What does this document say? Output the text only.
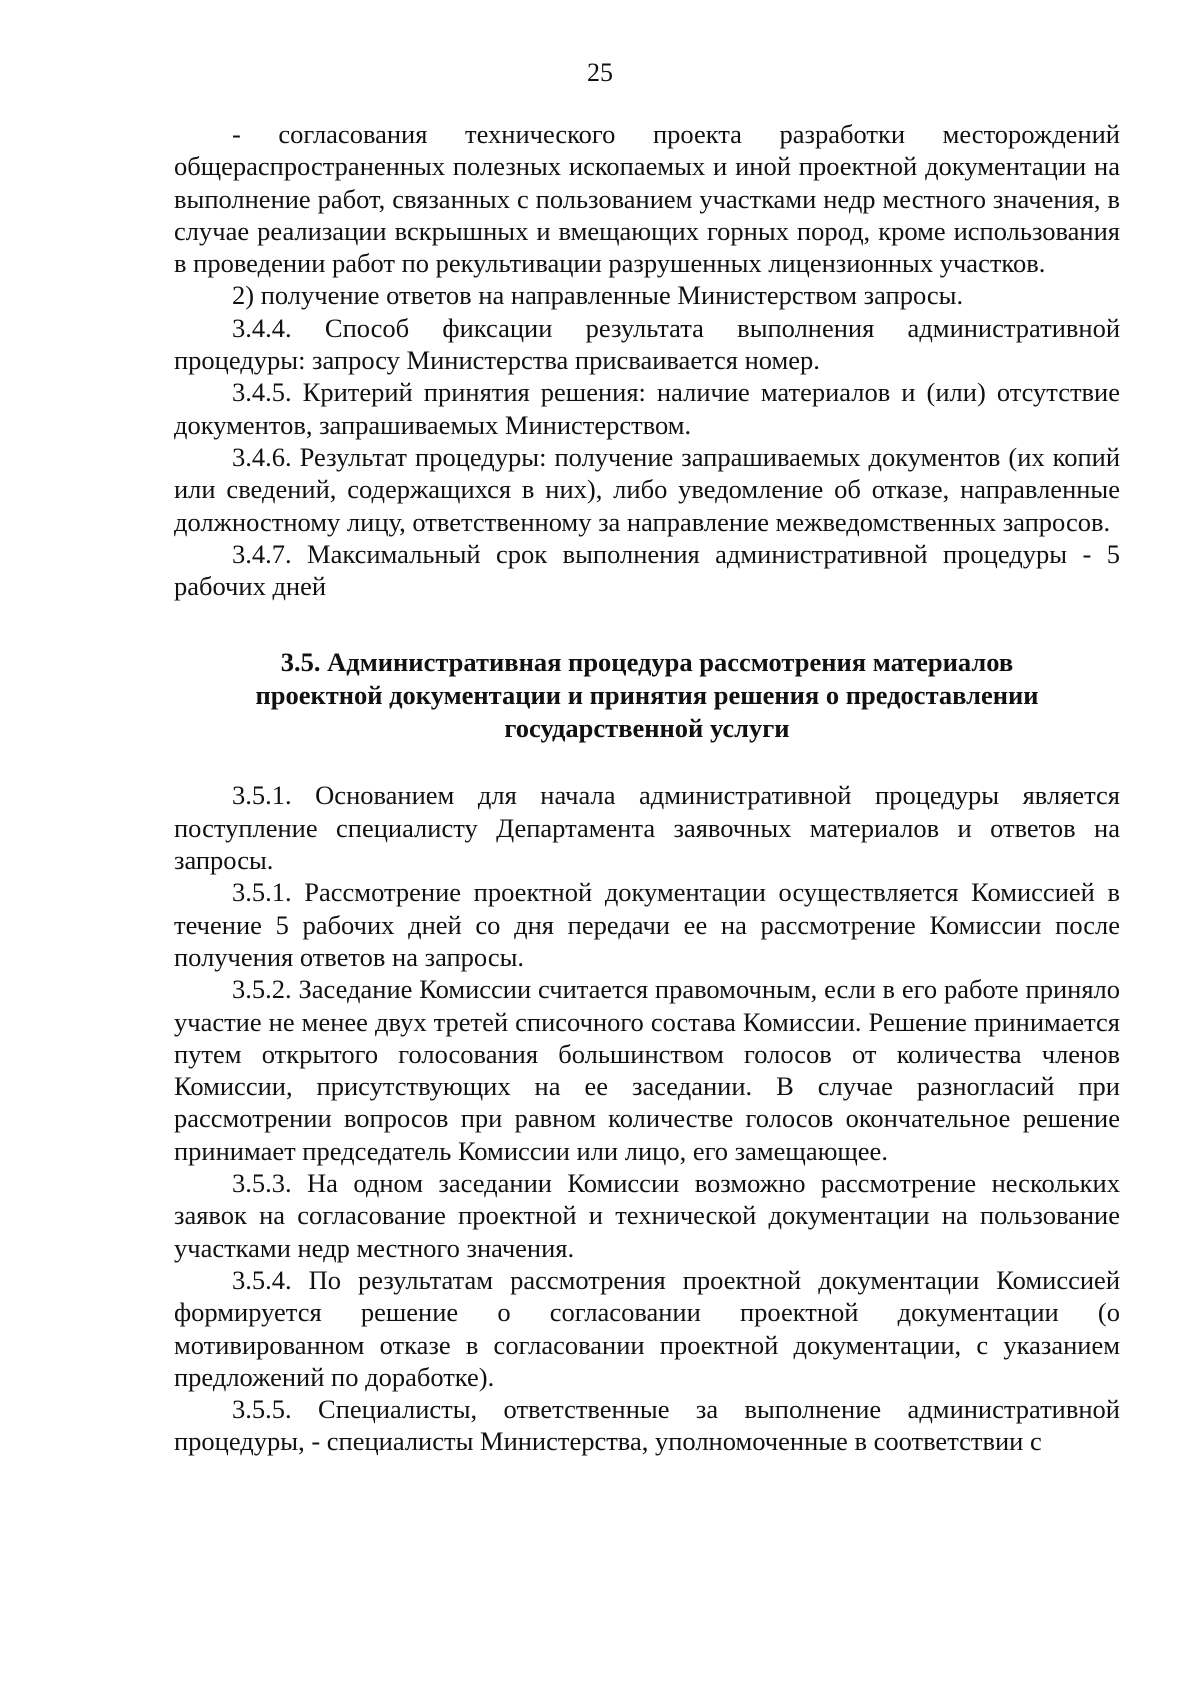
25

- согласования технического проекта разработки месторождений общераспространенных полезных ископаемых и иной проектной документации на выполнение работ, связанных с пользованием участками недр местного значения, в случае реализации вскрышных и вмещающих горных пород, кроме использования в проведении работ по рекультивации разрушенных лицензионных участков.

2) получение ответов на направленные Министерством запросы.

3.4.4. Способ фиксации результата выполнения административной процедуры: запросу Министерства присваивается номер.

3.4.5. Критерий принятия решения: наличие материалов и (или) отсутствие документов, запрашиваемых Министерством.

3.4.6. Результат процедуры: получение запрашиваемых документов (их копий или сведений, содержащихся в них), либо уведомление об отказе, направленные должностному лицу, ответственному за направление межведомственных запросов.

3.4.7. Максимальный срок выполнения административной процедуры - 5 рабочих дней

3.5. Административная процедура рассмотрения материалов проектной документации и принятия решения о предоставлении государственной услуги

3.5.1. Основанием для начала административной процедуры является поступление специалисту Департамента заявочных материалов и ответов на запросы.

3.5.1. Рассмотрение проектной документации осуществляется Комиссией в течение 5 рабочих дней со дня передачи ее на рассмотрение Комиссии после получения ответов на запросы.

3.5.2. Заседание Комиссии считается правомочным, если в его работе приняло участие не менее двух третей списочного состава Комиссии. Решение принимается путем открытого голосования большинством голосов от количества членов Комиссии, присутствующих на ее заседании. В случае разногласий при рассмотрении вопросов при равном количестве голосов окончательное решение принимает председатель Комиссии или лицо, его замещающее.

3.5.3. На одном заседании Комиссии возможно рассмотрение нескольких заявок на согласование проектной и технической документации на пользование участками недр местного значения.

3.5.4. По результатам рассмотрения проектной документации Комиссией формируется решение о согласовании проектной документации (о мотивированном отказе в согласовании проектной документации, с указанием предложений по доработке).

3.5.5. Специалисты, ответственные за выполнение административной процедуры, - специалисты Министерства, уполномоченные в соответствии с
